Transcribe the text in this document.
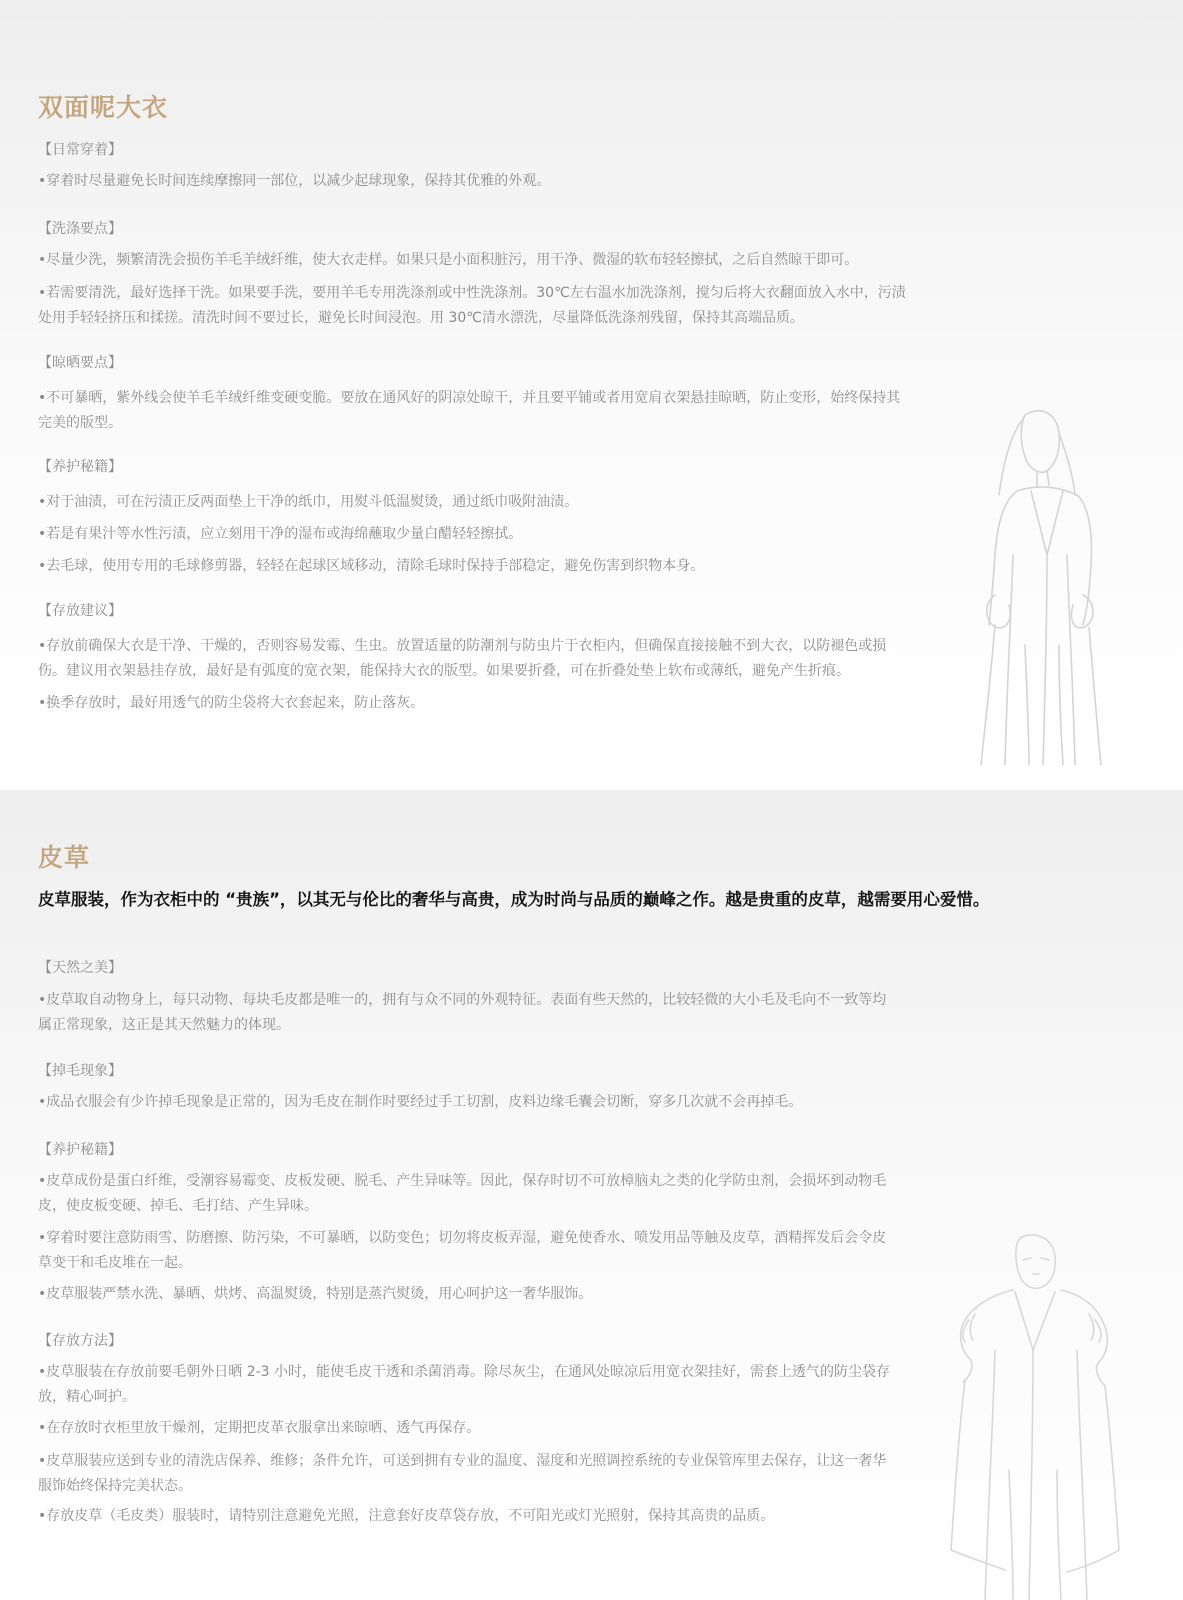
双面呢大衣
【日常穿着】

•穿着时尽量避免长时间连续摩擦同一部位，以减少起球现象，保持其优雅的外观。

【洗涤要点】

•尽量少洗，频繁清洗会损伤羊毛羊绒纤维，使大衣走样。如果只是小面积脏污，用干净、微湿的软布轻轻擦拭，之后自然晾干即可。

•若需要清洗，最好选择干洗。如果要手洗，要用羊毛专用洗涤剂或中性洗涤剂。30℃左右温水加洗涤剂，搅匀后将大衣翻面放入水中，污渍处用手轻轻挤压和揉搓。清洗时间不要过长，避免长时间浸泡。用 30℃清水漂洗，尽量降低洗涤剂残留，保持其高端品质。

【晾晒要点】

•不可暴晒，紫外线会使羊毛羊绒纤维变硬变脆。要放在通风好的阴凉处晾干，并且要平铺或者用宽肩衣架悬挂晾晒，防止变形，始终保持其完美的版型。

【养护秘籍】

•对于油渍，可在污渍正反两面垫上干净的纸巾，用熨斗低温熨烫，通过纸巾吸附油渍。

•若是有果汁等水性污渍，应立刻用干净的湿布或海绵蘸取少量白醋轻轻擦拭。

•去毛球，使用专用的毛球修剪器，轻轻在起球区域移动，清除毛球时保持手部稳定，避免伤害到织物本身。

【存放建议】

•存放前确保大衣是干净、干燥的，否则容易发霉、生虫。放置适量的防潮剂与防虫片于衣柜内，但确保直接接触不到大衣，以防褪色或损伤。建议用衣架悬挂存放，最好是有弧度的宽衣架，能保持大衣的版型。如果要折叠，可在折叠处垫上软布或薄纸，避免产生折痕。

•换季存放时，最好用透气的防尘袋将大衣套起来，防止落灰。

皮草
皮草服装，作为衣柜中的 “贵族”，以其无与伦比的奢华与高贵，成为时尚与品质的巅峰之作。越是贵重的皮草，越需要用心爱惜。
【天然之美】

•皮草取自动物身上，每只动物、每块毛皮都是唯一的，拥有与众不同的外观特征。表面有些天然的，比较轻微的大小毛及毛向不一致等均属正常现象，这正是其天然魅力的体现。

【掉毛现象】

•成品衣服会有少许掉毛现象是正常的，因为毛皮在制作时要经过手工切割，皮料边缘毛囊会切断，穿多几次就不会再掉毛。

【养护秘籍】

•皮草成份是蛋白纤维，受潮容易霉变、皮板发硬、脱毛、产生异味等。因此，保存时切不可放樟脑丸之类的化学防虫剂，会损坏到动物毛皮，使皮板变硬、掉毛、毛打结、产生异味。

•穿着时要注意防雨雪、防磨擦、防污染，不可暴晒，以防变色；切勿将皮板弄湿，避免使香水、喷发用品等触及皮草，酒精挥发后会令皮草变干和毛皮堆在一起。

•皮草服装严禁水洗、暴晒、烘烤、高温熨烫，特别是蒸汽熨烫，用心呵护这一奢华服饰。

【存放方法】

•皮草服装在存放前要毛朝外日晒 2-3 小时，能使毛皮干透和杀菌消毒。除尽灰尘，在通风处晾凉后用宽衣架挂好，需套上透气的防尘袋存放，精心呵护。

•在存放时衣柜里放干燥剂，定期把皮革衣服拿出来晾晒、透气再保存。

•皮草服装应送到专业的清洗店保养、维修；条件允许，可送到拥有专业的温度、湿度和光照调控系统的专业保管库里去保存，让这一奢华服饰始终保持完美状态。

•存放皮草（毛皮类）服装时，请特别注意避免光照，注意套好皮草袋存放，不可阳光或灯光照射，保持其高贵的品质。
